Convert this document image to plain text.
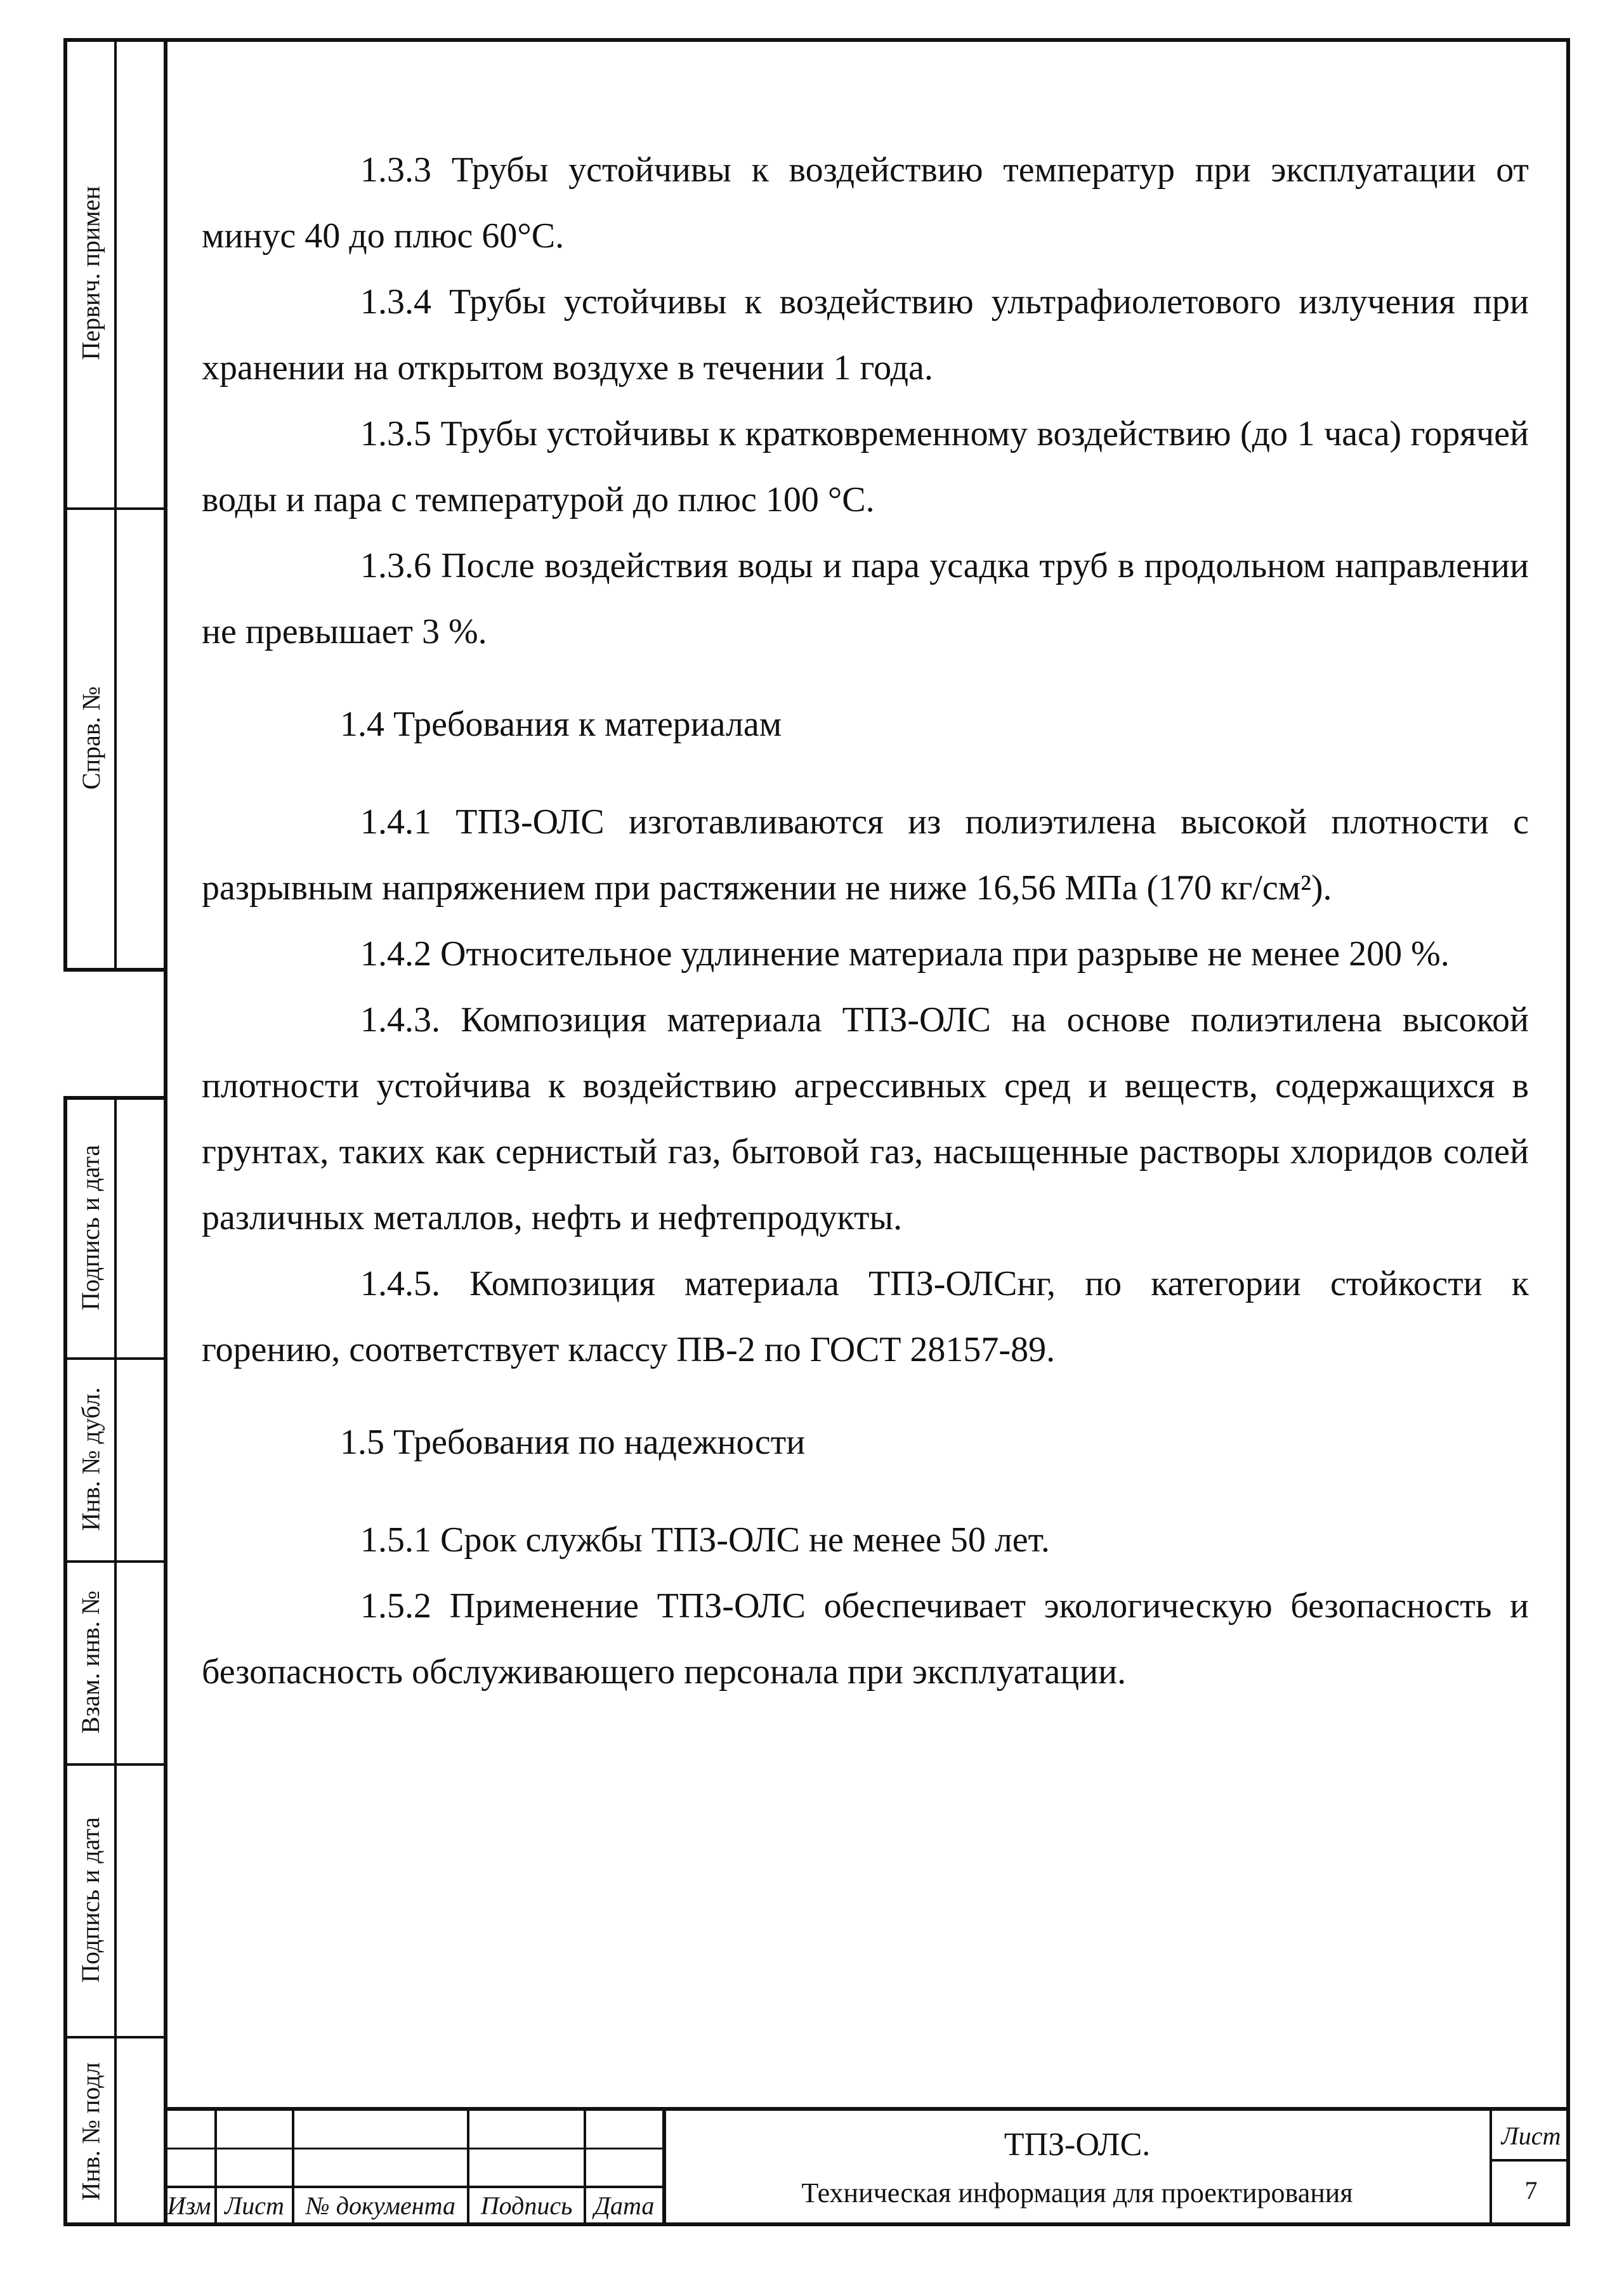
Первич. примен
Справ. №
Подпись и дата
Инв. № дубл.
Взам. инв. №
Подпись и дата
Инв. № подл

1.3.3 Трубы устойчивы к воздействию температур при эксплуатации от минус 40 до плюс 60°С.

1.3.4 Трубы устойчивы к воздействию ультрафиолетового излучения при хранении на открытом воздухе в течении 1 года.

1.3.5 Трубы устойчивы к кратковременному воздействию (до 1 часа) горячей воды и пара с температурой до плюс 100 °С.

1.3.6 После воздействия воды и пара усадка труб в продольном направлении не превышает 3 %.

1.4 Требования к материалам

1.4.1 ТПЗ-ОЛС изготавливаются из полиэтилена высокой плотности с разрывным напряжением при растяжении не ниже 16,56 МПа (170 кг/см²).

1.4.2 Относительное удлинение материала при разрыве не менее 200 %.

1.4.3. Композиция материала ТПЗ-ОЛС на основе полиэтилена высокой плотности устойчива к воздействию агрессивных сред и веществ, содержащихся в грунтах, таких как сернистый газ, бытовой газ, насыщенные растворы хлоридов солей различных металлов, нефть и нефтепродукты.

1.4.5. Композиция материала ТПЗ-ОЛСнг, по категории стойкости к горению, соответствует классу ПВ-2 по ГОСТ 28157-89.

1.5 Требования по надежности

1.5.1 Срок службы ТПЗ-ОЛС не менее 50 лет.

1.5.2 Применение ТПЗ-ОЛС обеспечивает экологическую безопасность и безопасность обслуживающего персонала при эксплуатации.

Изм Лист № документа Подпись Дата
ТПЗ-ОЛС.
Техническая информация для проектирования
Лист
7
